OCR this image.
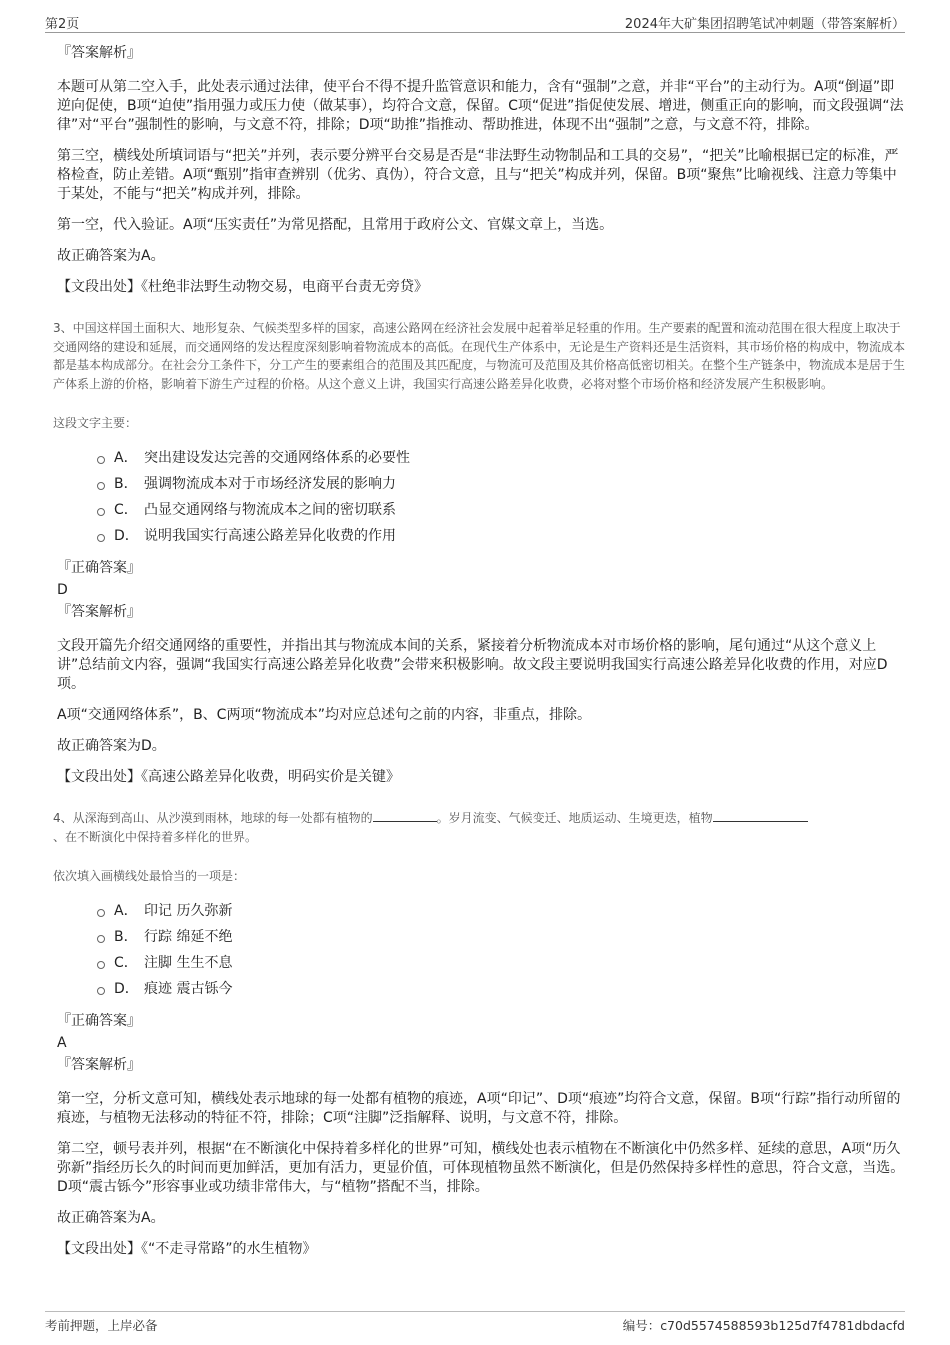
第2页	2024年大矿集团招聘笔试冲刺题（带答案解析）
『答案解析』

本题可从第二空入手，此处表示通过法律，使平台不得不提升监管意识和能力，含有“强制”之意，并非“平台”的主动行为。A项“倒逼”即逆向促使，B项“迫使”指用强力或压力使（做某事），均符合文意，保留。C项“促进”指促使发展、增进，侧重正向的影响，而文段强调“法律”对“平台”强制性的影响，与文意不符，排除；D项“助推”指推动、帮助推进，体现不出“强制”之意，与文意不符，排除。

第三空，横线处所填词语与“把关”并列，表示要分辨平台交易是否是“非法野生动物制品和工具的交易”，“把关”比喻根据已定的标准，严格检查，防止差错。A项“甄别”指审查辨别（优劣、真伪），符合文意，且与“把关”构成并列，保留。B项“聚焦”比喻视线、注意力等集中于某处，不能与“把关”构成并列，排除。

第一空，代入验证。A项“压实责任”为常见搭配，且常用于政府公文、官媒文章上，当选。

故正确答案为A。

【文段出处】《杜绝非法野生动物交易，电商平台责无旁贷》

3、中国这样国土面积大、地形复杂、气候类型多样的国家，高速公路网在经济社会发展中起着举足轻重的作用。生产要素的配置和流动范围在很大程度上取决于交通网络的建设和延展，而交通网络的发达程度深刻影响着物流成本的高低。在现代生产体系中，无论是生产资料还是生活资料，其市场价格的构成中，物流成本都是基本构成部分。在社会分工条件下，分工产生的要素组合的范围及其匹配度，与物流可及范围及其价格高低密切相关。在整个生产链条中，物流成本是居于生产体系上游的价格，影响着下游生产过程的价格。从这个意义上讲，我国实行高速公路差异化收费，必将对整个市场价格和经济发展产生积极影响。

这段文字主要：
A． 突出建设发达完善的交通网络体系的必要性
B． 强调物流成本对于市场经济发展的影响力
C． 凸显交通网络与物流成本之间的密切联系
D． 说明我国实行高速公路差异化收费的作用
『正确答案』
D
『答案解析』

文段开篇先介绍交通网络的重要性，并指出其与物流成本间的关系，紧接着分析物流成本对市场价格的影响，尾句通过“从这个意义上讲”总结前文内容，强调“我国实行高速公路差异化收费”会带来积极影响。故文段主要说明我国实行高速公路差异化收费的作用，对应D项。

A项“交通网络体系”，B、C两项“物流成本”均对应总述句之前的内容，非重点，排除。

故正确答案为D。

【文段出处】《高速公路差异化收费，明码实价是关键》

4、从深海到高山、从沙漠到雨林，地球的每一处都有植物的	。岁月流变、气候变迁、地质运动、生境更迭，植物
、在不断演化中保持着多样化的世界。

依次填入画横线处最恰当的一项是：
A． 印记 历久弥新
B． 行踪 绵延不绝
C． 注脚 生生不息
D． 痕迹 震古铄今
『正确答案』
A
『答案解析』

第一空，分析文意可知，横线处表示地球的每一处都有植物的痕迹，A项“印记”、D项“痕迹”均符合文意，保留。B项“行踪”指行动所留的痕迹，与植物无法移动的特征不符，排除；C项“注脚”泛指解释、说明，与文意不符，排除。

第二空，顿号表并列，根据“在不断演化中保持着多样化的世界”可知，横线处也表示植物在不断演化中仍然多样、延续的意思，A项“历久弥新”指经历长久的时间而更加鲜活，更加有活力，更显价值，可体现植物虽然不断演化，但是仍然保持多样性的意思，符合文意，当选。D项“震古铄今”形容事业或功绩非常伟大，与“植物”搭配不当，排除。

故正确答案为A。

【文段出处】《“不走寻常路”的水生植物》

考前押题，上岸必备	编号：c70d5574588593b125d7f4781dbdacfd
